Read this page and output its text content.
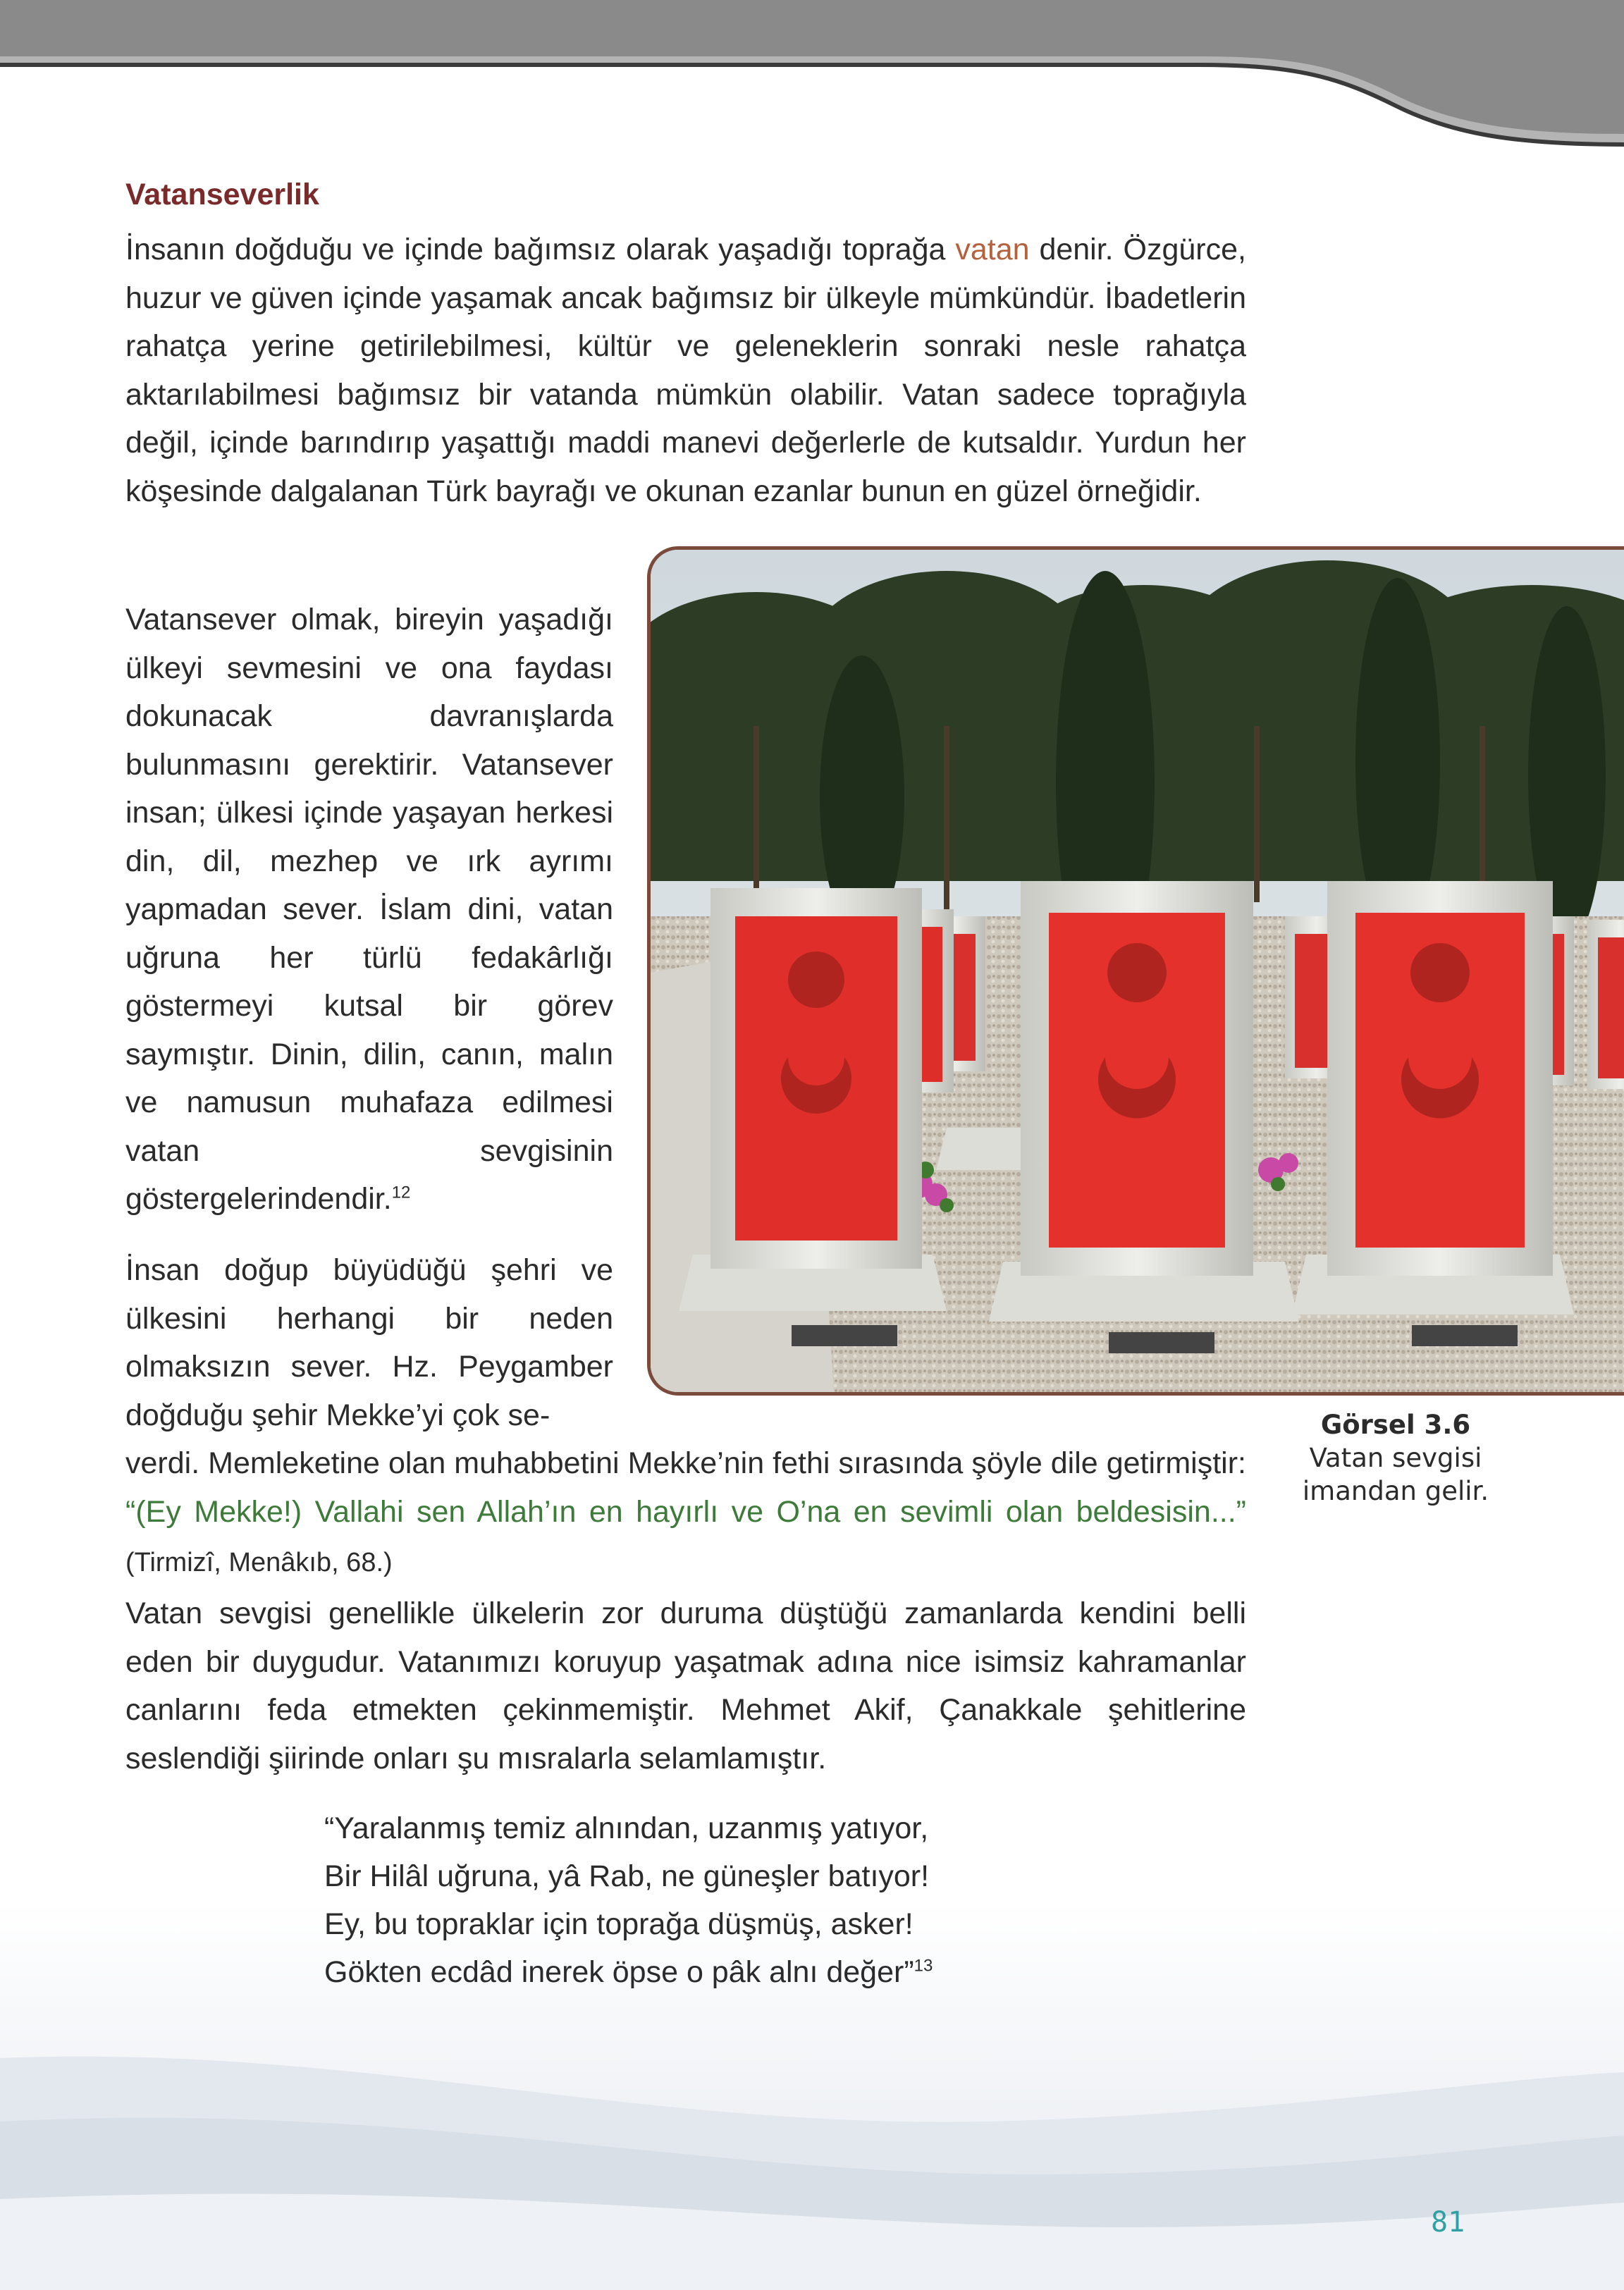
Vatanseverlik

İnsanın doğduğu ve içinde bağımsız olarak yaşadığı toprağa vatan denir. Özgürce, huzur ve güven içinde yaşamak ancak bağımsız bir ülkeyle mümkündür. İbadetlerin rahatça yerine getirilebilmesi, kültür ve geleneklerin sonraki nesle rahatça aktarılabilmesi bağımsız bir vatanda mümkün olabilir. Vatan sadece toprağıyla değil, içinde barındırıp yaşattığı maddi manevi değerlerle de kutsaldır. Yurdun her köşesinde dalgalanan Türk bayrağı ve okunan ezanlar bunun en güzel örneğidir.

Vatansever olmak, bireyin yaşadığı ülkeyi sevmesini ve ona faydası dokunacak davranışlarda bulunmasını gerektirir. Vatansever insan; ülkesi içinde yaşayan herkesi din, dil, mezhep ve ırk ayrımı yapmadan sever. İslam dini, vatan uğruna her türlü fedakârlığı göstermeyi kutsal bir görev saymıştır. Dinin, dilin, canın, malın ve namusun muhafaza edilmesi vatan sevgisinin göstergelerindendir.$^{12}$

İnsan doğup büyüdüğü şehri ve ülkesini herhangi bir neden olmaksızın sever. Hz. Peygamber doğduğu şehir Mekke’yi çok se-	Görsel 3.6
Vatan sevgisi imandan gelir.

verdi. Memleketine olan muhabbetini Mekke’nin fethi sırasında şöyle dile getirmiştir: “(Ey Mekke!) Vallahi sen Allah’ın en hayırlı ve O’na en sevimli olan beldesisin...” (Tirmizî, Menâkıb, 68.)

Vatan sevgisi genellikle ülkelerin zor duruma düştüğü zamanlarda kendini belli eden bir duygudur. Vatanımızı koruyup yaşatmak adına nice isimsiz kahramanlar canlarını feda etmekten çekinmemiştir. Mehmet Akif, Çanakkale şehitlerine seslendiği şiirinde onları şu mısralarla selamlamıştır.

“Yaralanmış temiz alnından, uzanmış yatıyor,
Bir Hilâl uğruna, yâ Rab, ne güneşler batıyor!
Ey, bu topraklar için toprağa düşmüş, asker!
Gökten ecdâd inerek öpse o pâk alnı değer”$^{13}$
81
